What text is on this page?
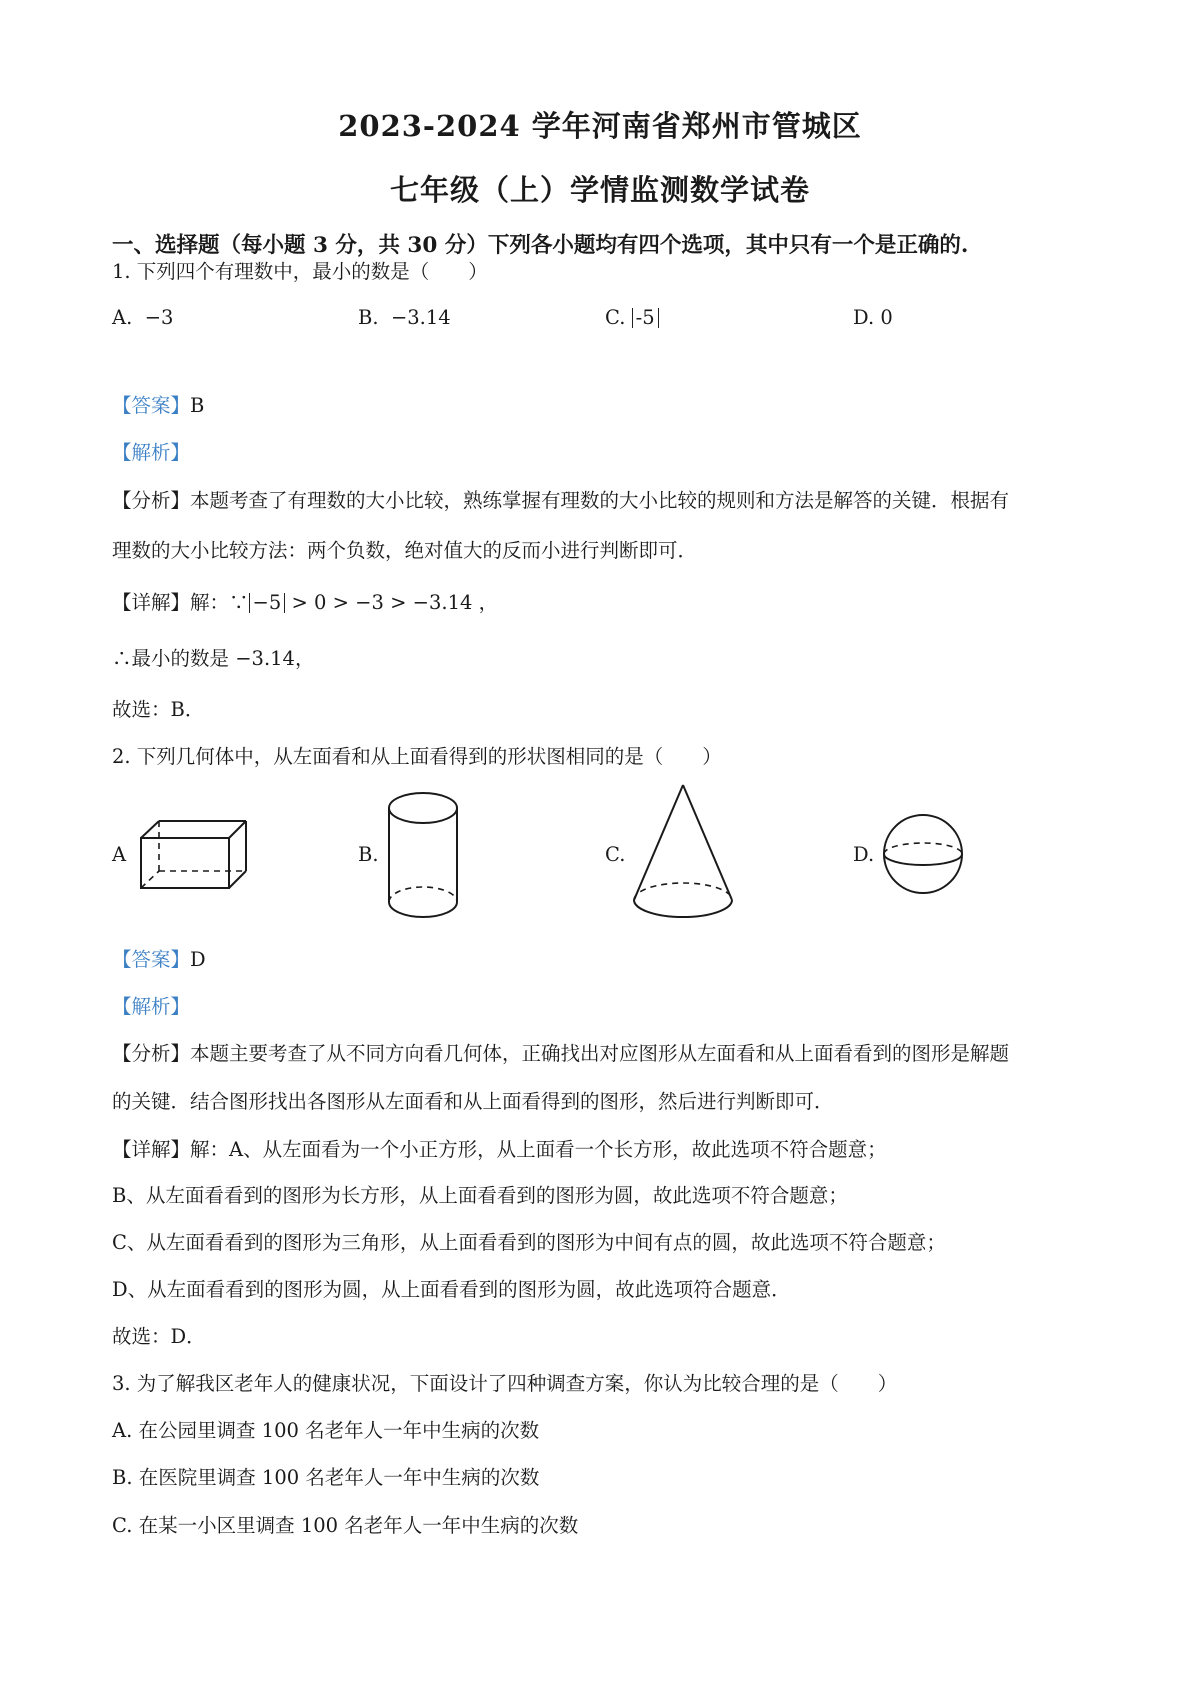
2023-2024 学年河南省郑州市管城区
七年级（上）学情监测数学试卷
一、选择题（每小题 3 分，共 30 分）下列各小题均有四个选项，其中只有一个是正确的.
1. 下列四个有理数中，最小的数是（　　）
A. −3	B. −3.14	C. -5	D. 0
【答案】B
【解析】
【分析】本题考查了有理数的大小比较，熟练掌握有理数的大小比较的规则和方法是解答的关键．根据有
理数的大小比较方法：两个负数，绝对值大的反而小进行判断即可．
【详解】解：∵ −5 > 0 > −3 > −3.14 ，
∴最小的数是 −3.14，
故选：B．
2. 下列几何体中，从左面看和从上面看得到的形状图相同的是（　　）
A	B.	C.	D.
【答案】D
【解析】
【分析】本题主要考查了从不同方向看几何体，正确找出对应图形从左面看和从上面看看到的图形是解题
的关键．结合图形找出各图形从左面看和从上面看得到的图形，然后进行判断即可．
【详解】解：A、从左面看为一个小正方形，从上面看一个长方形，故此选项不符合题意；
B、从左面看看到的图形为长方形，从上面看看到的图形为圆，故此选项不符合题意；
C、从左面看看到的图形为三角形，从上面看看到的图形为中间有点的圆，故此选项不符合题意；
D、从左面看看到的图形为圆，从上面看看到的图形为圆，故此选项符合题意．
故选：D．
3. 为了解我区老年人的健康状况，下面设计了四种调查方案，你认为比较合理的是（　　）
A. 在公园里调查 100 名老年人一年中生病的次数
B. 在医院里调查 100 名老年人一年中生病的次数
C. 在某一小区里调查 100 名老年人一年中生病的次数
